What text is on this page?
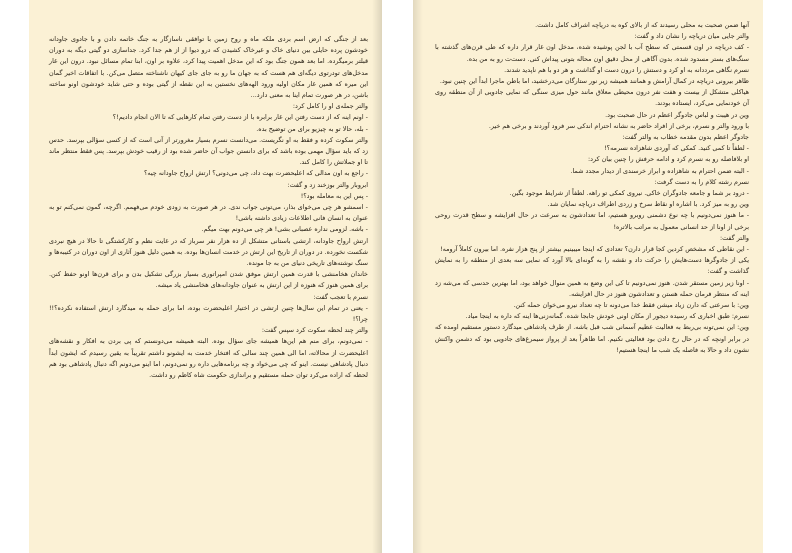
بعد از جنگی که ارض اسم بردی ملکه ماه و روح زمین با توافقی ناسازگار به جنگ خاتمه دادن و با جادوی جاودانه خودشون پرده حایلی بین دنیای خاک و غیرخاک کشیدن که درو دیوا از از هم جدا کرد. جداسازی دو گیتی دیگه به دوران قبلتر برمیگرده. اما بعد همون جنگ بود که این مدخل اهمیت پیدا کرد، علاوه بر اون، ابنا تمام مسائل نبود. درون این غار مدخل‌های تودرتوی دیگه‌ای هم هست که به جهان ما رو به جای جای کیهان ناشناخته متصل می‌کن. با اتفاقات اخیر گمان این میره که همین غار مکان اولیه ورود الهه‌های نخستین به این نقطه از گیتی بوده و حتی شاید خودشون اونو ساخته باشن، در هر صورت تمام اینا به معنی دارد...

والتر جمله‌ی او را کامل کرد:

- اونم اینه که از دست رفتن این غار برابره با از دست رفتن تمام کارهایی که تا الان انجام دادیم!؟

- بله، حالا تو به چیزیو برای من توضیح بده.

والتر سکوت کرده و فقط به او نگریست. می‌دانست نسرم بسیار مغرورتر از آنی است که از کسی سؤالی بپرسد. حدس زد که باید سؤال مهمی بوده باشد که برای دانستن جواب آن حاضر شده بود از رقیب خودش بپرسد. پس فقط منتظر ماند تا او جملاتش را کامل کند.

- راجع به اون مدالی که اعلیحضرت بهت داد، چی می‌دونی؟ ارتش ارواح جاودانه چیه؟

ابروبار والتر بوزخند زد و گفت:

- پس این به معامله بود؟!

- اسمشو هر چی می‌خوای بذار، می‌تونی جواب ندی. در هر صورت به زودی خودم می‌فهمم. اگرچه، گمون نمی‌کنم تو به عنوان به انسان فانی اطلاعات زیادی داشته باشی!

- باشه. لزومی نداره عصبانی بشی! هر چی می‌دونم بهت میگم.

ارتش ارواح جاودانه، ارتشی باستانی متشکل از ده هزار نفر سرباز که در غایت نظم و کارکشتگی تا حالا در هیچ نبردی شکست نخورده. در دوران از تاریخ این ارتش در خدمت انسان‌ها بوده. به همین دلیل هنوز آثاری از اون دوران در کتیبه‌ها و سنگ نوشته‌های تاریخی دنیای من به جا مونده.

خاندان هخامنشی با قدرت همین ارتش موفق شدن امپراتوری بسیار بزرگی تشکیل بدن و برای قرن‌ها اونو حفظ کنن. برای همین هنوز که هنوزه از این ارتش به عنوان جاودانه‌های هخامنشی یاد میشه.

نسرم با تعجب گفت:

- یعنی در تمام این سال‌ها چنین ارتشی در اختیار اعلیحضرت بوده، اما برای حمله به میدگارد ارتش استفاده نکرده؟!! چرا؟!

والتر چند لحظه سکوت کرد سپس گفت:

- نمی‌دونم، برای منم هم این‌ها همیشه جای سؤال بوده. البته همیشه می‌دونستم که پی بردن به افکار و نقشه‌های اعلیحضرت از محالاته، اما الی همین چند سالی که افتخار خدمت به ایشونو داشتم تقریباً به یقین رسیدم که ایشون ابداً دنبال پادشاهی نیست. اینو که چی می‌خواد و چه برنامه‌هایی داره رو نمی‌دونم، اما اینو می‌دونم اگه دنبال پادشاهی بود هم لحظه که اراده می‌کرد توان حمله مستقیم و براندازی حکومت شاه کاظم رو داشت.

آنها ضمن صحبت به محلی رسیدند که از بالای کوه به دریاچه اشراف کامل داشت.

والتر جایی میان دریاچه را نشان داد و گفت:

- کف دریاچه در اون قسمتی که سطح آب با لجن پوشیده شده، مدخل اون غار قرار داره که طی قرن‌های گذشته با سنگ‌های بستر مسدود شده. بدون آگاهی از محل دقیق اون محاله بتونی پیداش کنی. دست‌ت رو به من بده.

نسرم نگاهی مرددانه به او کرد و دستش را درون دست او گذاشت و هر دو با هم ناپدید شدند.

ظاهر بیرونی دریاچه در کمال آرامش و همانند همیشه زیر نور ستارگان می‌درخشید، اما باطن ماجرا ابداً این چنین نبود.

هیاکلی متشکل از بیست و هفت نفر درون محیطی معلاق مانند حول میزی سنگی که نمایی جادویی از آن منطقه روی آن خودنمایی می‌کرد، ایستاده بودند.

وین در هیبت و لباس جادوگر اعظم در حال صحبت بود.

با ورود والتر و نسرم، برخی از افراد حاضر به نشانه احترام اندکی سر فرود آوردند و برخی هم خیر.

جادوگر اعظم بدون مقدمه خطاب به والتر گفت:

- لطفاً تا کمی کنید. کمکی که آوردی شاهزاده نسرمه؟!

او بلافاصله رو به نسرم کرد و ادامه حرفش را چنین بیان کرد:

- البته ضمن احترام به شاهزاده و ابراز خرسندی از دیدار مجدد شما.

نسرم رشته کلام را به دست گرفت:

- درود بر شما و جامعه جادوگران خاکی. نیروی کمکی تو راهه. لطفاً از شرایط موجود بگین.

وین رو به میز کرد. با اشاره او نقاط سرخ و زردی اطراف دریاچه نمایان شد.

- ما هنوز نمی‌دونیم با چه نوع دشمنی روبرو هستیم، اما تعدادشون به سرعت در حال افزایشه و سطح قدرت روحی برخی از اونا از حد انسانی معمول به مراتب بالاتره!

والتر گفت:

- این نقاطی که مشخص کردین کجا قرار دارن؟ تعدادی که اینجا میبینیم بیشتر از پنج هزار نفره. اما بیرون کاملاً آرومه!

یکی از جادوگرها دست‌هایش را حرکت داد و نقشه را به گونه‌ای بالا آورد که نمایی سه بعدی از منطقه را به نمایش گذاشت و گفت:

- اونا زیر زمین مستقر شدن. هنوز نمی‌دونیم تا کی این وضع به همین منوال خواهد بود، اما بهترین حدسی که می‌شه زد اینه که منتظر فرمان حمله هستن و تعدادشون هنوز در حال افزایشه.

وین: با سرعتی که دارن زیاد میشن فقط خدا می‌دونه تا چه تعداد نیرو می‌خوان حمله کنن.

نسرم: طبق اخباری که رسیده دیجور از مکان اونی خودش جابجا شده. گمانه‌زنی‌ها اینه که داره به اینجا میاد.

وین: این نمی‌تونه بی‌ربط به فعالیت عظیم آسمانی شب قبل باشه. از طرف پادشاهی میدگارد دستور مستقیم اومده که در برابر اونچه که در حال رخ دادن بود فعالیتی نکنیم. اما ظاهراً بعد از پرواز سیمرغ‌های جادویی بود که دشمن واکنش نشون داد و حالا به فاصله یک شب ما اینجا هستیم!
